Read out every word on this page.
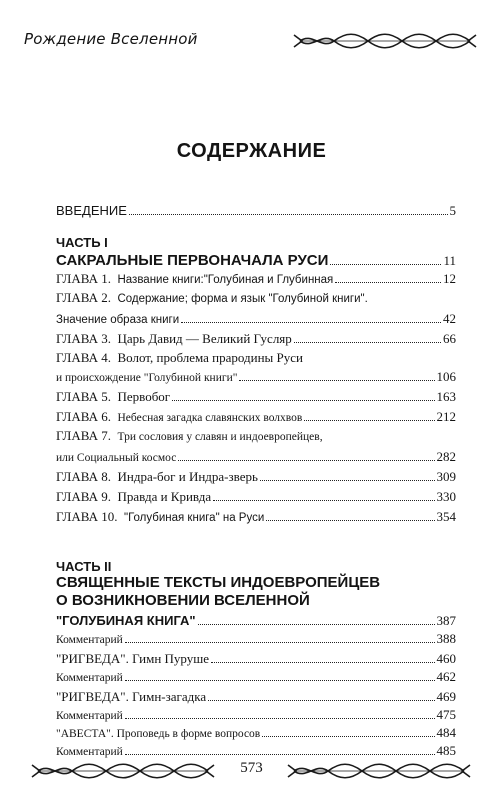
Рождение Вселенной
СОДЕРЖАНИЕ
ВВЕДЕНИЕ	5
ЧАСТЬ I
САКРАЛЬНЫЕ ПЕРВОНАЧАЛА РУСИ	11
ГЛАВА 1. Название книги:"Голубиная и Глубинная	12
ГЛАВА 2. Содержание; форма и язык "Голубиной книги".
Значение образа книги	42
ГЛАВА 3. Царь Давид — Великий Гусляр	66
ГЛАВА 4. Волот, проблема прародины Руси
и происхождение "Голубиной книги"	106
ГЛАВА 5. Первобог	163
ГЛАВА 6. Небесная загадка славянских волхвов	212
ГЛАВА 7. Три сословия у славян и индоевропейцев,
или Социальный космос	282
ГЛАВА 8. Индра-бог и Индра-зверь	309
ГЛАВА 9. Правда и Кривда	330
ГЛАВА 10. "Голубиная книга" на Руси	354
ЧАСТЬ II
СВЯЩЕННЫЕ ТЕКСТЫ ИНДОЕВРОПЕЙЦЕВ
О ВОЗНИКНОВЕНИИ ВСЕЛЕННОЙ
"ГОЛУБИНАЯ КНИГА"	387
Комментарий	388
"РИГВЕДА". Гимн Пуруше	460
Комментарий	462
"РИГВЕДА". Гимн-загадка	469
Комментарий	475
"АВЕСТА". Проповедь в форме вопросов	484
Комментарий	485
573
